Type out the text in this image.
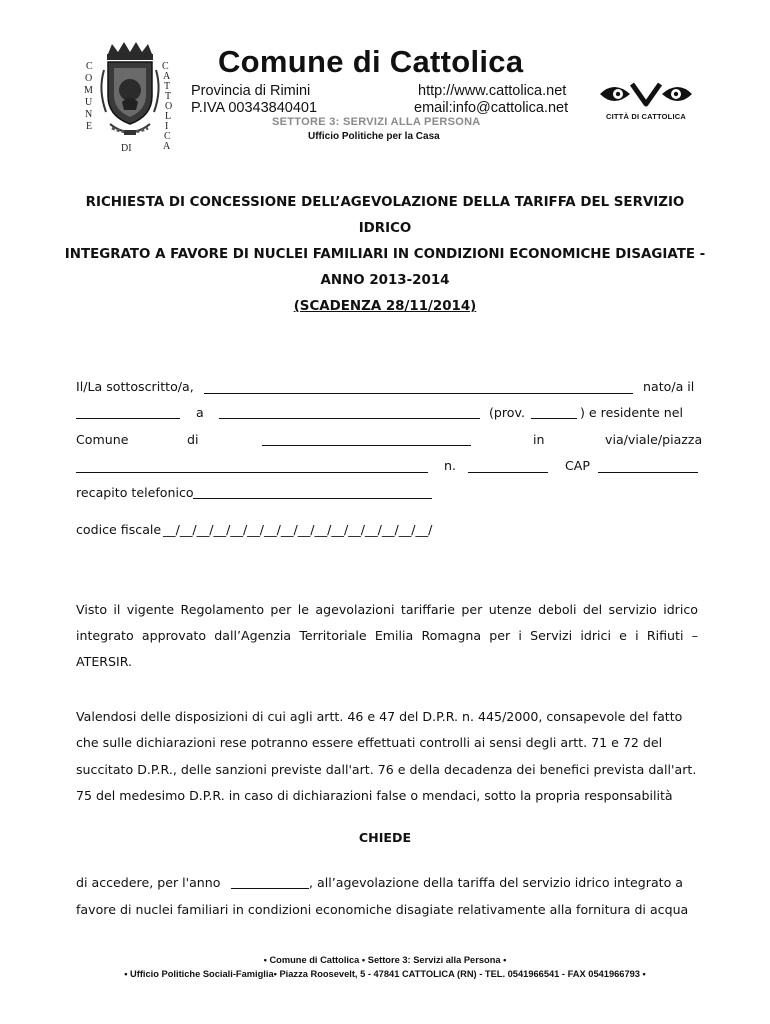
C
O
M
U
N
E
C
A
T
T
O
L
I
C
A
DI
Comune di Cattolica
Provincia di Rimini	http://www.cattolica.net
P.IVA 00343840401	email:info@cattolica.net
SETTORE 3: SERVIZI ALLA PERSONA
Ufficio Politiche per la Casa
CITTÀ DI CATTOLICA
RICHIESTA DI CONCESSIONE DELL’AGEVOLAZIONE DELLA TARIFFA DEL SERVIZIO IDRICO
INTEGRATO A FAVORE DI NUCLEI FAMILIARI IN CONDIZIONI ECONOMICHE DISAGIATE -
ANNO 2013-2014
(SCADENZA 28/11/2014)
Il/La sottoscritto/a,	nato/a il
a	(prov.	) e residente nel
Comune	di	in	via/viale/piazza
n.	CAP
recapito telefonico
codice fiscale __/__/__/__/__/__/__/__/__/__/__/__/__/__/__/__/
Visto il vigente Regolamento per le agevolazioni tariffarie per utenze deboli del servizio idrico integrato approvato dall’Agenzia Territoriale Emilia Romagna per i Servizi idrici e i Rifiuti – ATERSIR.
Valendosi delle disposizioni di cui agli artt. 46 e 47 del D.P.R. n. 445/2000, consapevole del fatto
che sulle dichiarazioni rese potranno essere effettuati controlli ai sensi degli artt. 71 e 72 del
succitato D.P.R., delle sanzioni previste dall'art. 76 e della decadenza dei benefici prevista dall'art.
75 del medesimo D.P.R. in caso di dichiarazioni false o mendaci, sotto la propria responsabilità
CHIEDE
di accedere, per l'anno	, all’agevolazione della tariffa del servizio idrico integrato a
favore di nuclei familiari in condizioni economiche disagiate relativamente alla fornitura di acqua
• Comune di Cattolica • Settore 3: Servizi alla Persona •
• Ufficio Politiche Sociali-Famiglia• Piazza Roosevelt, 5 - 47841 CATTOLICA (RN) - TEL. 0541966541 - FAX 0541966793 •
